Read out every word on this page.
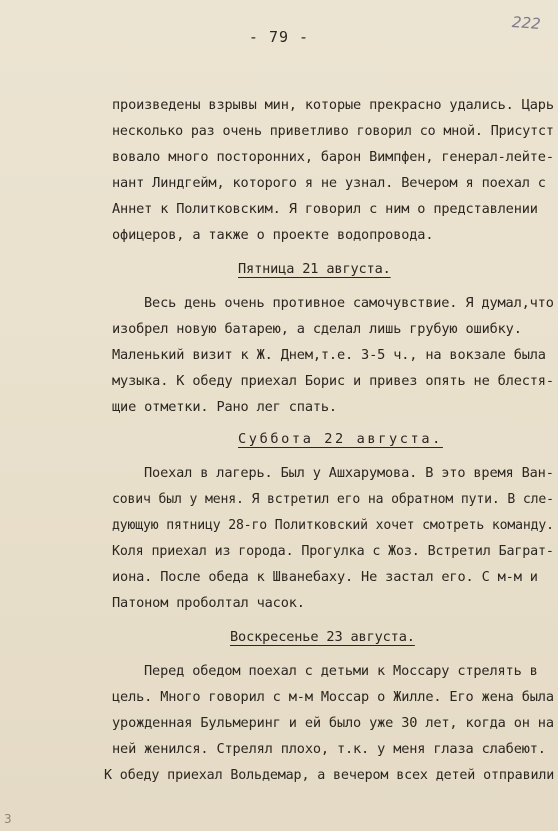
- 79 -
222
произведены взрывы мин, которые прекрасно удались. Царь
несколько раз очень приветливо говорил со мной. Присутст
вовало много посторонних, барон Вимпфен, генерал-лейте-
нант Линдгейм, которого я не узнал. Вечером я поехал с
Аннет к Политковским. Я говорил с ним о представлении
офицеров, а также о проекте водопровода.
Пятница 21 августа.
Весь день очень противное самочувствие. Я думал,что
изобрел новую батарею, а сделал лишь грубую ошибку.
Маленький визит к Ж. Днем,т.е. 3-5 ч., на вокзале была
музыка. К обеду приехал Борис и привез опять не блестя-
щие отметки. Рано лег спать.
Суббота 22 августа.
Поехал в лагерь. Был у Ашхарумова. В это время Ван-
сович был у меня. Я встретил его на обратном пути. В сле-
дующую пятницу 28-го Политковский хочет смотреть команду.
Коля приехал из города. Прогулка с Жоз. Встретил Баграт-
иона. После обеда к Шванебаху. Не застал его. С м-м и
Патоном проболтал часок.
Воскресенье 23 августа.
Перед обедом поехал с детьми к Моссару стрелять в
цель. Много говорил с м-м Моссар о Жилле. Его жена была
урожденная Бульмеринг и ей было уже 30 лет, когда он на
ней женился. Стрелял плохо, т.к. у меня глаза слабеют.
К обеду приехал Вольдемар, а вечером всех детей отправили
3
